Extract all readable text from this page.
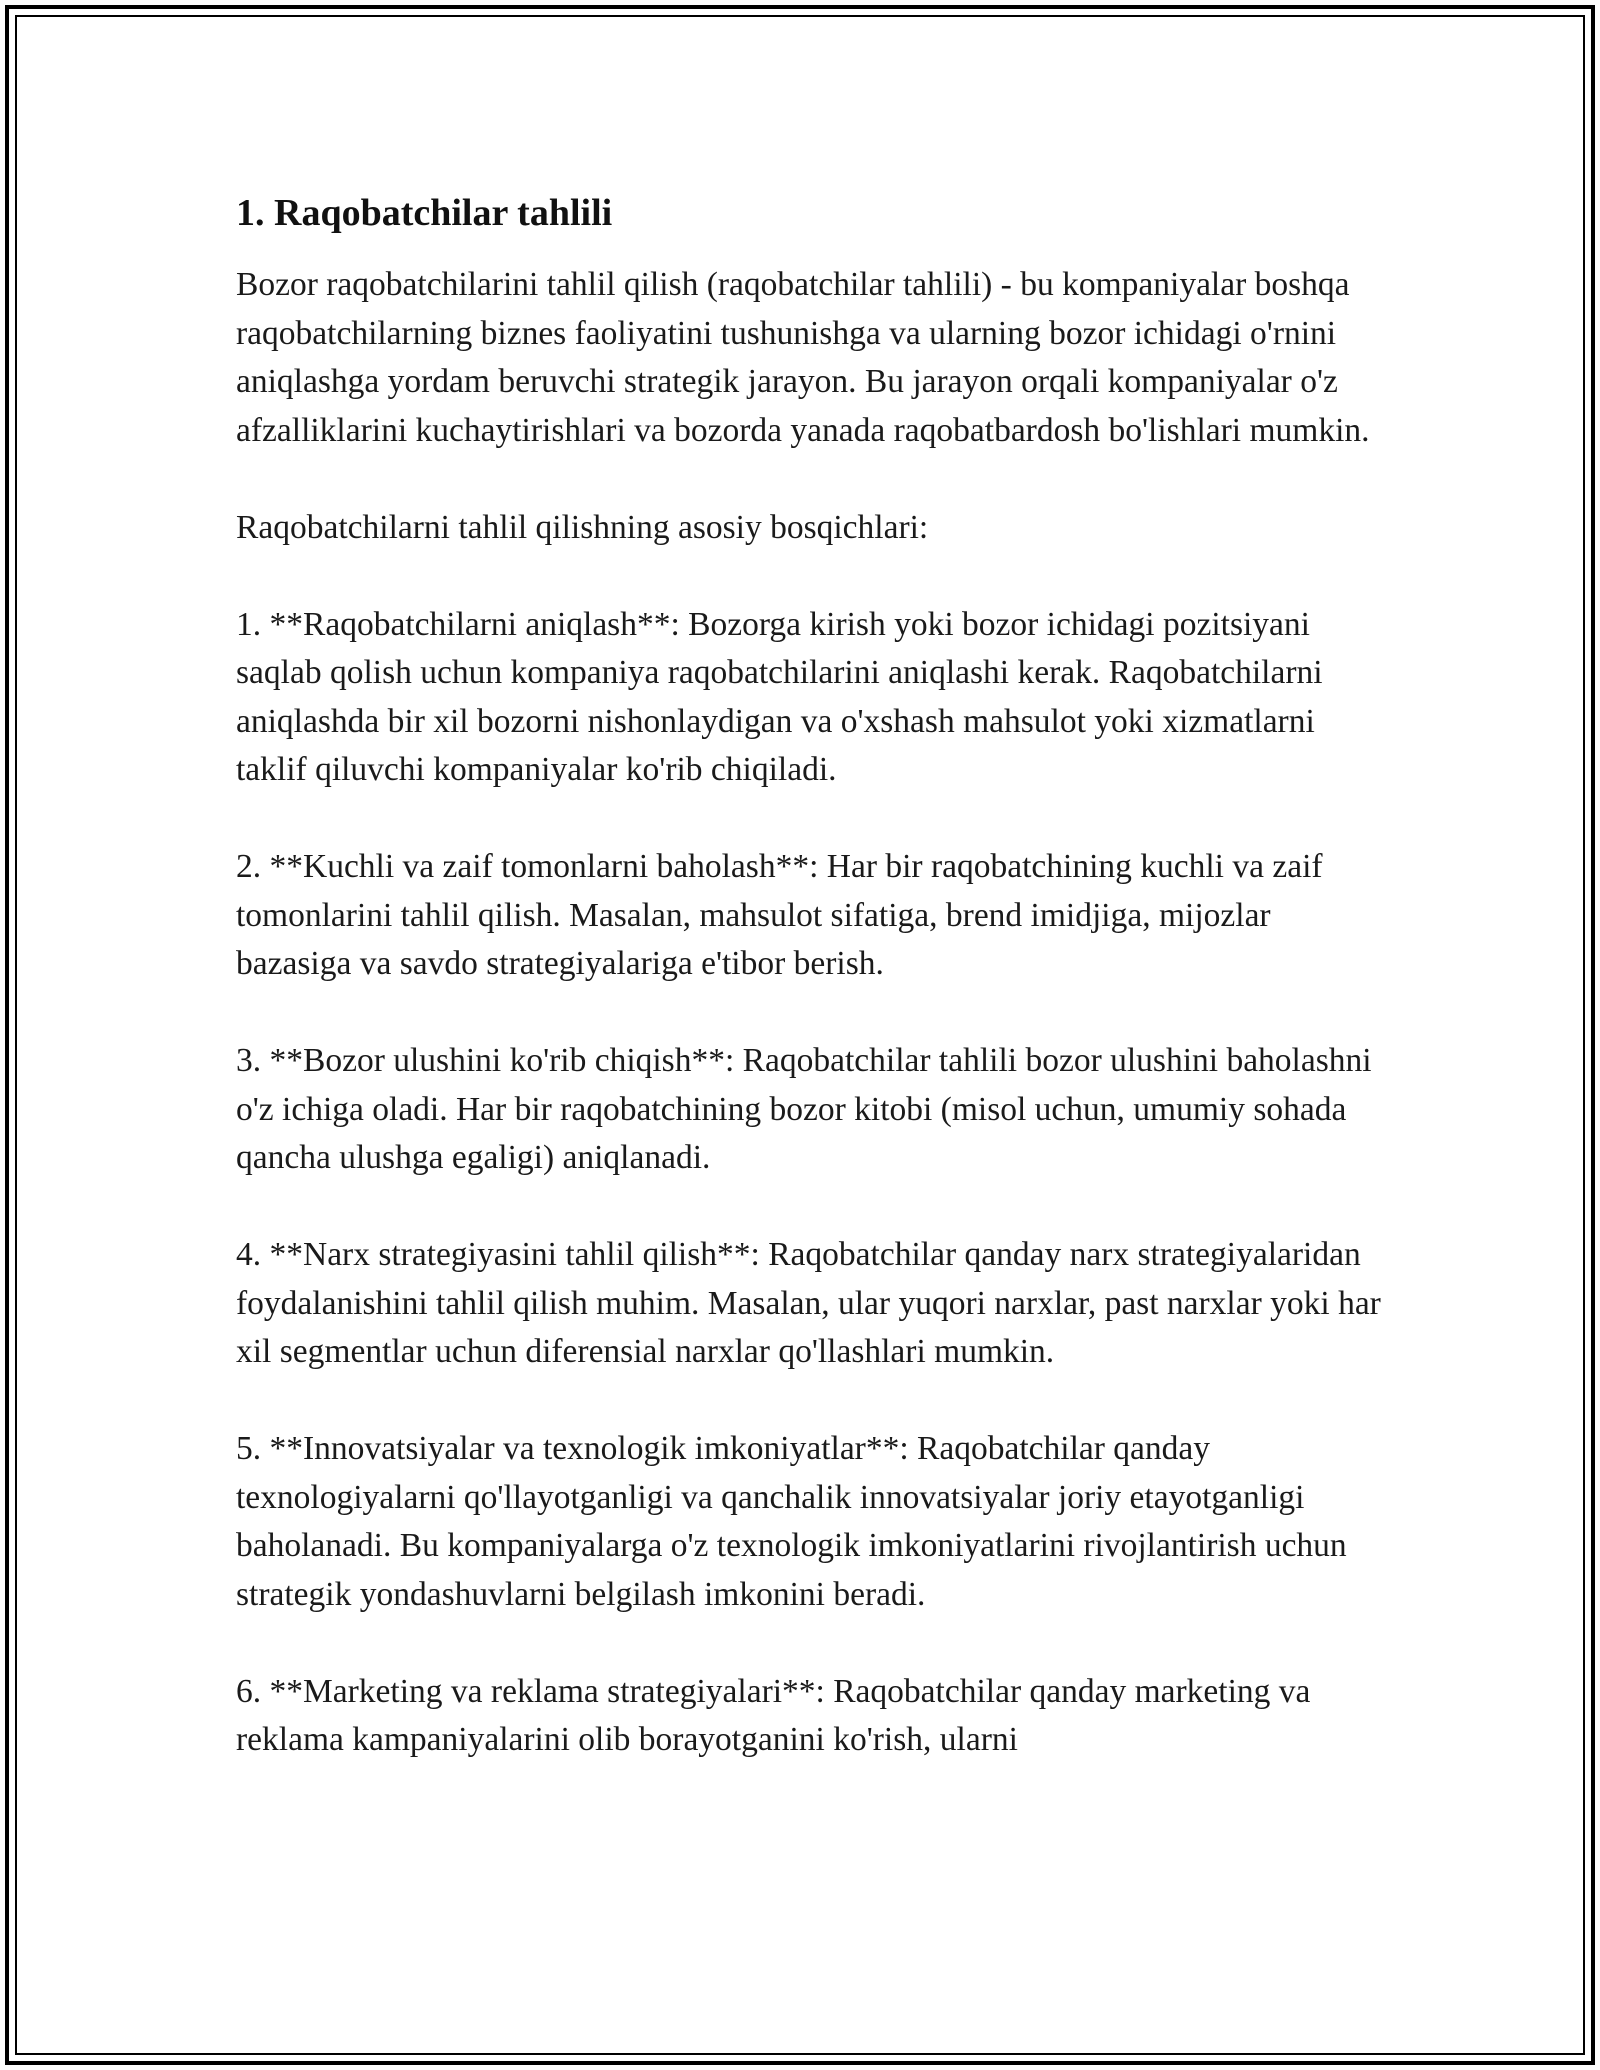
1. Raqobatchilar tahlili

Bozor raqobatchilarini tahlil qilish (raqobatchilar tahlili) - bu kompaniyalar boshqa raqobatchilarning biznes faoliyatini tushunishga va ularning bozor ichidagi o'rnini aniqlashga yordam beruvchi strategik jarayon. Bu jarayon orqali kompaniyalar o'z afzalliklarini kuchaytirishlari va bozorda yanada raqobatbardosh bo'lishlari mumkin.

Raqobatchilarni tahlil qilishning asosiy bosqichlari:

1. **Raqobatchilarni aniqlash**: Bozorga kirish yoki bozor ichidagi pozitsiyani saqlab qolish uchun kompaniya raqobatchilarini aniqlashi kerak. Raqobatchilarni aniqlashda bir xil bozorni nishonlaydigan va o'xshash mahsulot yoki xizmatlarni taklif qiluvchi kompaniyalar ko'rib chiqiladi.

2. **Kuchli va zaif tomonlarni baholash**: Har bir raqobatchining kuchli va zaif tomonlarini tahlil qilish. Masalan, mahsulot sifatiga, brend imidjiga, mijozlar bazasiga va savdo strategiyalariga e'tibor berish.

3. **Bozor ulushini ko'rib chiqish**: Raqobatchilar tahlili bozor ulushini baholashni o'z ichiga oladi. Har bir raqobatchining bozor kitobi (misol uchun, umumiy sohada qancha ulushga egaligi) aniqlanadi.

4. **Narx strategiyasini tahlil qilish**: Raqobatchilar qanday narx strategiyalaridan foydalanishini tahlil qilish muhim. Masalan, ular yuqori narxlar, past narxlar yoki har xil segmentlar uchun diferensial narxlar qo'llashlari mumkin.

5. **Innovatsiyalar va texnologik imkoniyatlar**: Raqobatchilar qanday texnologiyalarni qo'llayotganligi va qanchalik innovatsiyalar joriy etayotganligi baholanadi. Bu kompaniyalarga o'z texnologik imkoniyatlarini rivojlantirish uchun strategik yondashuvlarni belgilash imkonini beradi.

6. **Marketing va reklama strategiyalari**: Raqobatchilar qanday marketing va reklama kampaniyalarini olib borayotganini ko'rish, ularni
